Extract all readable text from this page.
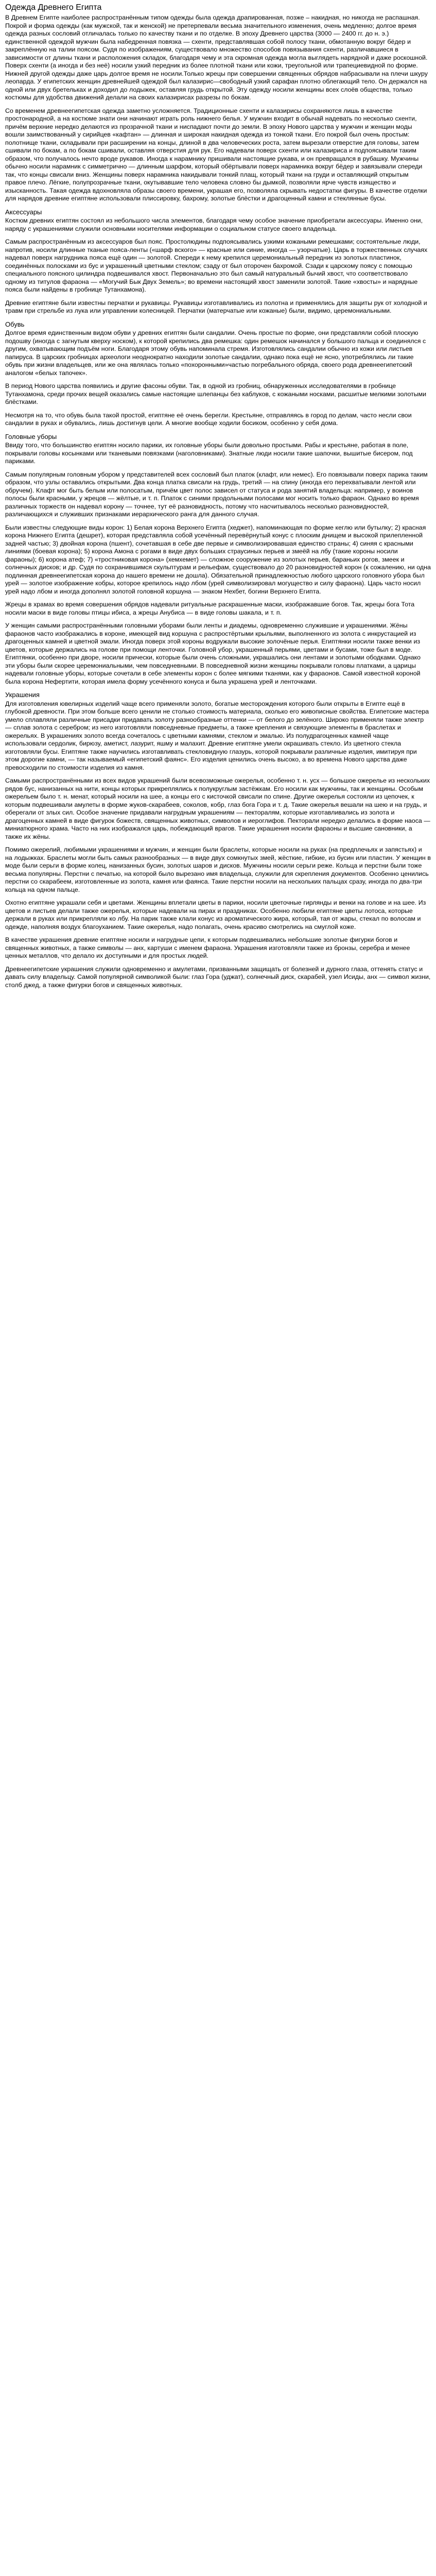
Одежда Древнего Египта

В Древнем Египте наиболее распространённым типом одежды была одежда драпированная, позже – накидная, но никогда не распашная. Покрой и форма одежды (как мужской, так и женской) не претерпевали весьма значительного изменения, очень медленно; долгое время одежда разных сословий отличалась только по качеству ткани и по отделке. В эпоху Древнего царства (3000 — 2400 гг. до н. э.) единственной одеждой мужчин была набедренная повязка — схенти, представлявшая собой полосу ткани, обмотанную вокруг бёдер и закреплённую на талии поясом. Судя по изображениям, существовало множество способов повязывания схенти, различавшиеся в зависимости от длины ткани и расположения складок, благодаря чему и эта скромная одежда могла выглядеть нарядной и даже роскошной. Поверх схенти (а иногда и без неё) носили узкий передник из более плотной ткани или кожи, треугольной или трапециевидной по форме. Нижней другой одежды даже царь долгое время не носили.Только жрецы при совершении священных обрядов набрасывали на плечи шкуру леопарда. У египетских женщин древнейшей одеждой был калазирис—свободный узкий сарафан плотно облегающий тело. Он держался на одной или двух бретельках и доходил до лодыжек, оставляя грудь открытой. Эту одежду носили женщины всех слоёв общества, только костюмы для удобства движений делали на своих калазирисах разрезы по бокам.

Со временем древнеегипетская одежда заметно усложняется. Традиционные схенти и калазирисы сохраняются лишь в качестве простонародной, а на костюме знати они начинают играть роль нижнего белья. У мужчин входит в обычай надевать по несколько схенти, причём верхние нередко делаются из прозрачной ткани и ниспадают почти до земли. В эпоху Нового царства у мужчин и женщин моды вошли заимствованный у сирийцев «кафтан» — длинная и широкая накидная одежда из тонкой ткани. Его покрой был очень простым: полотнище ткани, складывали при расширении на концы, длиной в два человеческих роста, затем вырезали отверстие для головы, затем сшивали по бокам, а по бокам сшивали, оставляя отверстия для рук. Его надевали поверх схенти или калазириса и подпоясывали таким образом, что получалось нечто вроде рукавов. Иногда к нарамнику пришивали настоящие рукава, и он превращался в рубашку. Мужчины обычно носили нарамник с симметрично — длинным шарфом, который обёртывали поверх нарамника вокруг бёдер и завязывали спереди так, что концы свисали вниз. Женщины поверх нарамника накидывали тонкий плащ, который ткани на груди и оставляющий открытым правое плечо. Лёгкие, полупрозрачные ткани, окутывавшие тело человека словно бы дымкой, позволяли ярче чувств изящество и изысканность. Такая одежда вдохновляла образы своего времени, украшая его, позволяла скрывать недостатки фигуры. В качестве отделки для нарядов древние египтяне использовали плиссировку, бахрому, золотые блёстки и драгоценный камни и стеклянные бусы.

Аксессуары

Костюм древних египтян состоял из небольшого числа элементов, благодаря чему особое значение приобретали аксессуары. Именно они, наряду с украшениями служили основными носителями информации о социальном статусе своего владельца.

Самым распространённым из аксессуаров был пояс. Простолюдины подпоясывались узкими кожаными ремешками; состоятельные люди, напротив, носили длинные тканые пояса-ленты («шарф вского» — красные или синие, иногда — узорчатые). Царь в торжественных случаях надевал поверх нагрудника пояса ещё один — золотой. Спереди к нему крепился церемониальный передник из золотых пластинок, соединённых полосками из бус и украшенный цветными стеклом; сзаду от был оторочен бахромой. Сзади к царскому поясу с помощью специального поясного цилиндра подвешивался хвост. Первоначально это был самый натуральный бычий хвост, что соответствовало одному из титулов фараона — «Могучий Бык Двух Земель»; во времени настоящий хвост заменили золотой. Такие «хвосты» и нарядные пояса были найдены в гробнице Тутанхамона).

Древние египтяне были известны перчатки и рукавицы. Рукавицы изготавливались из полотна и применялись для защиты рук от холодной и травм при стрельбе из лука или управлении колесницей. Перчатки (матерчатые или кожаные) были, видимо, церемониальными.

Обувь

Долгое время единственным видом обуви у древних египтян были сандалии. Очень простые по форме, они представляли собой плоскую подошву (иногда с загнутым кверху носком), к которой крепились два ремешка: один ремешок начинался у большого пальца и соединялся с другим, охватывающим подъём ноги. Благодаря этому обувь напоминала стремя. Изготовлялись сандалии обычно из кожи или листьев папируса. В царских гробницах археологи неоднократно находили золотые сандалии, однако пока ещё не ясно, употреблялись ли такие обувь при жизни владельцев, или же она являлась только «похоронными»частью погребального обряда, своего рода древнеегипетский аналогом «белых тапочек».

В период Нового царства появились и другие фасоны обуви. Так, в одной из гробниц, обнаруженных исследователями в гробнице Тутанхамона, среди прочих вещей оказались самые настоящие шлепанцы без каблуков, с кожаными носками, расшитые мелкими золотыми блёстками.

Несмотря на то, что обувь была такой простой, египтяне её очень берегли. Крестьяне, отправляясь в город по делам, часто несли свои сандалии в руках и обувались, лишь достигнув цели. А многие вообще ходили босиком, особенно у себя дома.

Головные уборы

Ввиду того, что большинство египтян носило парики, их головные уборы были довольно простыми. Рабы и крестьяне, работая в поле, покрывали головы косынками или тканевыми повязками (наголовниками). Знатные люди носили такие шапочки, вышитые бисером, под париками.

Самым популярным головным убором у представителей всех сословий был платок (клафт, или немес). Его повязывали поверх парика таким образом, что узлы оставались открытыми. Два конца платка свисали на грудь, третий — на спину (иногда его перехватывали лентой или обручем). Клафт мог быть белым или полосатым, причём цвет полос зависел от статуса и рода занятий владельца: например, у воинов полосы были красными, у жрецов — жёлтые, и т. п. Платок с синими продольными полосами мог носить только фараон. Однако во время различных торжеств он надевал корону — точнее, тут её разновидность, потому что насчитывалось несколько разновидностей, различающихся и служивших признаками иерархического ранга для данного случая.

Были известны следующие виды корон: 1) Белая корона Верхнего Египта (хеджет), напоминающая по форме кеглю или бутылку; 2) красная корона Нижнего Египта (дешрет), которая представляла собой усечённый перевёрнутый конус с плоским днищем и высокой прилепленной задней частью; 3) двойная корона (пшент), сочетавшая в себе две первые и символизировавшая единство страны; 4) синяя с красными линиями (боевая корона); 5) корона Амона с рогами в виде двух больших страусиных перьев и змеёй на лбу (такие короны носили фараоны); 6) корона атеф; 7) «тростниковая корона» (хемхемет) — сложное сооружение из золотых перьев, бараньих рогов, змеек и солнечных дисков; и др. Судя по сохранившимся скульптурам и рельефам, существовало до 20 разновидностей корон (к сожалению, ни одна подлинная древнеегипетская корона до нашего времени не дошла). Обязательной принадлежностью любого царского головного убора был урей — золотое изображение кобры, которое крепилось надо лбом (урей символизировал могущество и силу фараона). Царь часто носил урей надо лбом и иногда дополнял золотой головной коршуна — знаком Нехбет, богини Верхнего Египта.

Жрецы в храмах во время совершения обрядов надевали ритуальные раскрашенные маски, изображавшие богов. Так, жрецы бога Тота носили маски в виде головы птицы ибиса, а жрецы Анубиса — в виде головы шакала, и т. п.

У женщин самыми распространёнными головными уборами были ленты и диадемы, одновременно служившие и украшениями. Жёны фараонов часто изображались в короне, имеющей вид коршуна с распростёртыми крыльями, выполненного из золота с инкрустацией из драгоценных камней и цветной эмали. Иногда поверх этой короны водружали высокие золочёные перья. Египтянки носили также венки из цветов, которые держались на голове при помощи ленточки. Головной убор, украшенный перьями, цветами и бусами, тоже был в моде. Египтянки, особенно при дворе, носили прически, которые были очень сложными, украшались они лентами и золотыми ободками. Однако эти уборы были скорее церемониальными, чем повседневными. В повседневной жизни женщины покрывали головы платками, а царицы надевали головные уборы, которые сочетали в себе элементы корон с более мягкими тканями, как у фараонов. Самой известной короной была корона Нефертити, которая имела форму усечённого конуса и была украшена урей и ленточками.

Украшения

Для изготовления ювелирных изделий чаще всего применяли золото, богатые месторождения которого были открыты в Египте ещё в глубокой древности. При этом больше всего ценили не столько стоимость материала, сколько его живописные свойства. Египетские мастера умело сплавляли различные присадки придавать золоту разнообразные оттенки — от белого до зелёного. Широко применяли также электр — сплав золота с серебром; из него изготовляли повседневные предметы, а также крепления и связующие элементы в браслетах и ожерельях. В украшениях золото всегда сочеталось с цветными камнями, стеклом и эмалью. Из полудрагоценных камней чаще использовали сердолик, бирюзу, аметист, лазурит, яшму и малахит. Древние египтяне умели окрашивать стекло. Из цветного стекла изготовляли бусы. Египтяне также научились изготавливать стекловидную глазурь, которой покрывали различные изделия, имитируя при этом дорогие камни, — так называемый «египетский фаянс». Его изделия ценились очень высоко, а во времена Нового царства даже превосходили по стоимости изделия из камня.

Самыми распространёнными из всех видов украшений были всевозможные ожерелья, особенно т. н. усх — большое ожерелье из нескольких рядов бус, нанизанных на нити, концы которых прикреплялись к полукруглым застёжкам. Его носили как мужчины, так и женщины. Особым ожерельем было т. н. менат, который носили на шее, а концы его с кисточкой свисали по спине. Другие ожерелья состояли из цепочек, к которым подвешивали амулеты в форме жуков-скарабеев, соколов, кобр, глаз бога Гора и т. д. Такие ожерелья вешали на шею и на грудь, и оберегали от злых сил. Особое значение придавали нагрудным украшениям — пекторалям, которые изготавливались из золота и драгоценных камней в виде фигурок божеств, священных животных, символов и иероглифов. Пекторали нередко делались в форме наоса — миниатюрного храма. Часто на них изображался царь, побеждающий врагов. Такие украшения носили фараоны и высшие сановники, а также их жёны.

Помимо ожерелий, любимыми украшениями и мужчин, и женщин были браслеты, которые носили на руках (на предплечьях и запястьях) и на лодыжках. Браслеты могли быть самых разнообразных — в виде двух сомкнутых змей, жёсткие, гибкие, из бусин или пластин. У женщин в моде были серьги в форме колец, нанизанных бусин, золотых шаров и дисков. Мужчины носили серьги реже. Кольца и перстни были тоже весьма популярны. Перстни с печатью, на которой было вырезано имя владельца, служили для скрепления документов. Особенно ценились перстни со скарабеем, изготовленные из золота, камня или фаянса. Такие перстни носили на нескольких пальцах сразу, иногда по два-три кольца на одном пальце.

Охотно египтяне украшали себя и цветами. Женщины вплетали цветы в парики, носили цветочные гирлянды и венки на голове и на шее. Из цветов и листьев делали также ожерелья, которые надевали на пирах и праздниках. Особенно любили египтяне цветы лотоса, которые держали в руках или прикрепляли ко лбу. На парик также клали конус из ароматического жира, который, тая от жары, стекал по волосам и одежде, наполняя воздух благоуханием. Такие ожерелья, надо полагать, очень красиво смотрелись на смуглой коже.

В качестве украшения древние египтяне носили и нагрудные цепи, к которым подвешивались небольшие золотые фигурки богов и священных животных, а также символы — анх, картуши с именем фараона. Украшения изготовляли также из бронзы, серебра и менее ценных металлов, что делало их доступными и для простых людей.

Древнеегипетские украшения служили одновременно и амулетами, призванными защищать от болезней и дурного глаза, оттенять статус и давать силу владельцу. Самой популярной символикой были: глаз Гора (уджат), солнечный диск, скарабей, узел Исиды, анх — символ жизни, столб джед, а также фигурки богов и священных животных.
